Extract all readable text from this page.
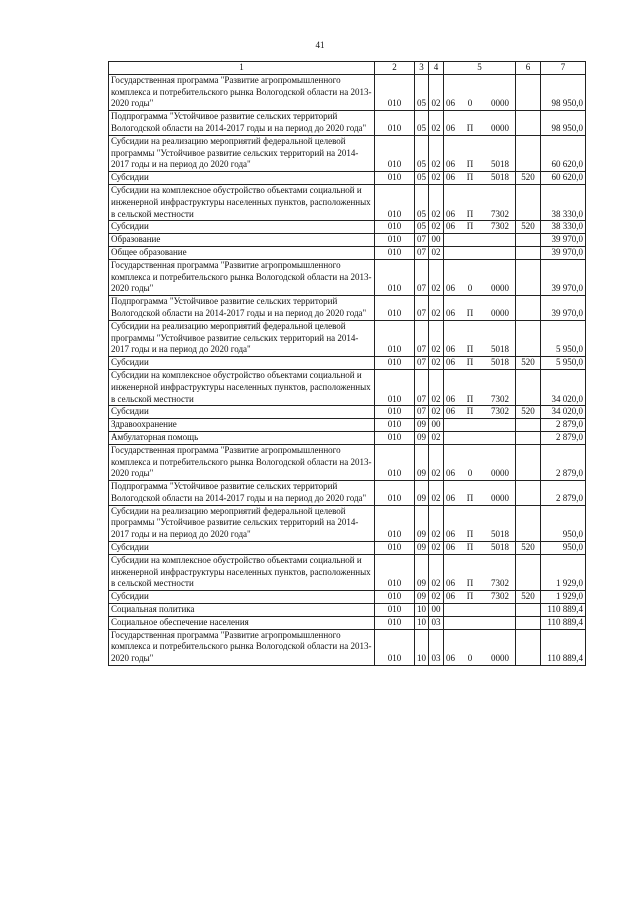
41
1	2	3	4	5	6	7
Государственная программа "Развитие агропромышленного комплекса и потребительского рынка Вологодской области на 2013-2020 годы"	010	05	02	06 0 0000		98 950,0
Подпрограмма "Устойчивое развитие сельских территорий Вологодской области на 2014-2017 годы и на период до 2020 года"	010	05	02	06 П 0000		98 950,0
Субсидии на реализацию мероприятий федеральной целевой программы "Устойчивое развитие сельских территорий на 2014-2017 годы и на период до 2020 года"	010	05	02	06 П 5018		60 620,0
Субсидии	010	05	02	06 П 5018	520	60 620,0
Субсидии на комплексное обустройство объектами социальной и инженерной инфраструктуры населенных пунктов, расположенных в сельской местности	010	05	02	06 П 7302		38 330,0
Субсидии	010	05	02	06 П 7302	520	38 330,0
Образование	010	07	00			39 970,0
Общее образование	010	07	02			39 970,0
Государственная программа "Развитие агропромышленного комплекса и потребительского рынка Вологодской области на 2013-2020 годы"	010	07	02	06 0 0000		39 970,0
Подпрограмма "Устойчивое развитие сельских территорий Вологодской области на 2014-2017 годы и на период до 2020 года"	010	07	02	06 П 0000		39 970,0
Субсидии на реализацию мероприятий федеральной целевой программы "Устойчивое развитие сельских территорий на 2014-2017 годы и на период до 2020 года"	010	07	02	06 П 5018		5 950,0
Субсидии	010	07	02	06 П 5018	520	5 950,0
Субсидии на комплексное обустройство объектами социальной и инженерной инфраструктуры населенных пунктов, расположенных в сельской местности	010	07	02	06 П 7302		34 020,0
Субсидии	010	07	02	06 П 7302	520	34 020,0
Здравоохранение	010	09	00			2 879,0
Амбулаторная помощь	010	09	02			2 879,0
Государственная программа "Развитие агропромышленного комплекса и потребительского рынка Вологодской области на 2013-2020 годы"	010	09	02	06 0 0000		2 879,0
Подпрограмма "Устойчивое развитие сельских территорий Вологодской области на 2014-2017 годы и на период до 2020 года"	010	09	02	06 П 0000		2 879,0
Субсидии на реализацию мероприятий федеральной целевой программы "Устойчивое развитие сельских территорий на 2014-2017 годы и на период до 2020 года"	010	09	02	06 П 5018		950,0
Субсидии	010	09	02	06 П 5018	520	950,0
Субсидии на комплексное обустройство объектами социальной и инженерной инфраструктуры населенных пунктов, расположенных в сельской местности	010	09	02	06 П 7302		1 929,0
Субсидии	010	09	02	06 П 7302	520	1 929,0
Социальная политика	010	10	00			110 889,4
Социальное обеспечение населения	010	10	03			110 889,4
Государственная программа "Развитие агропромышленного комплекса и потребительского рынка Вологодской области на 2013-2020 годы"	010	10	03	06 0 0000		110 889,4
